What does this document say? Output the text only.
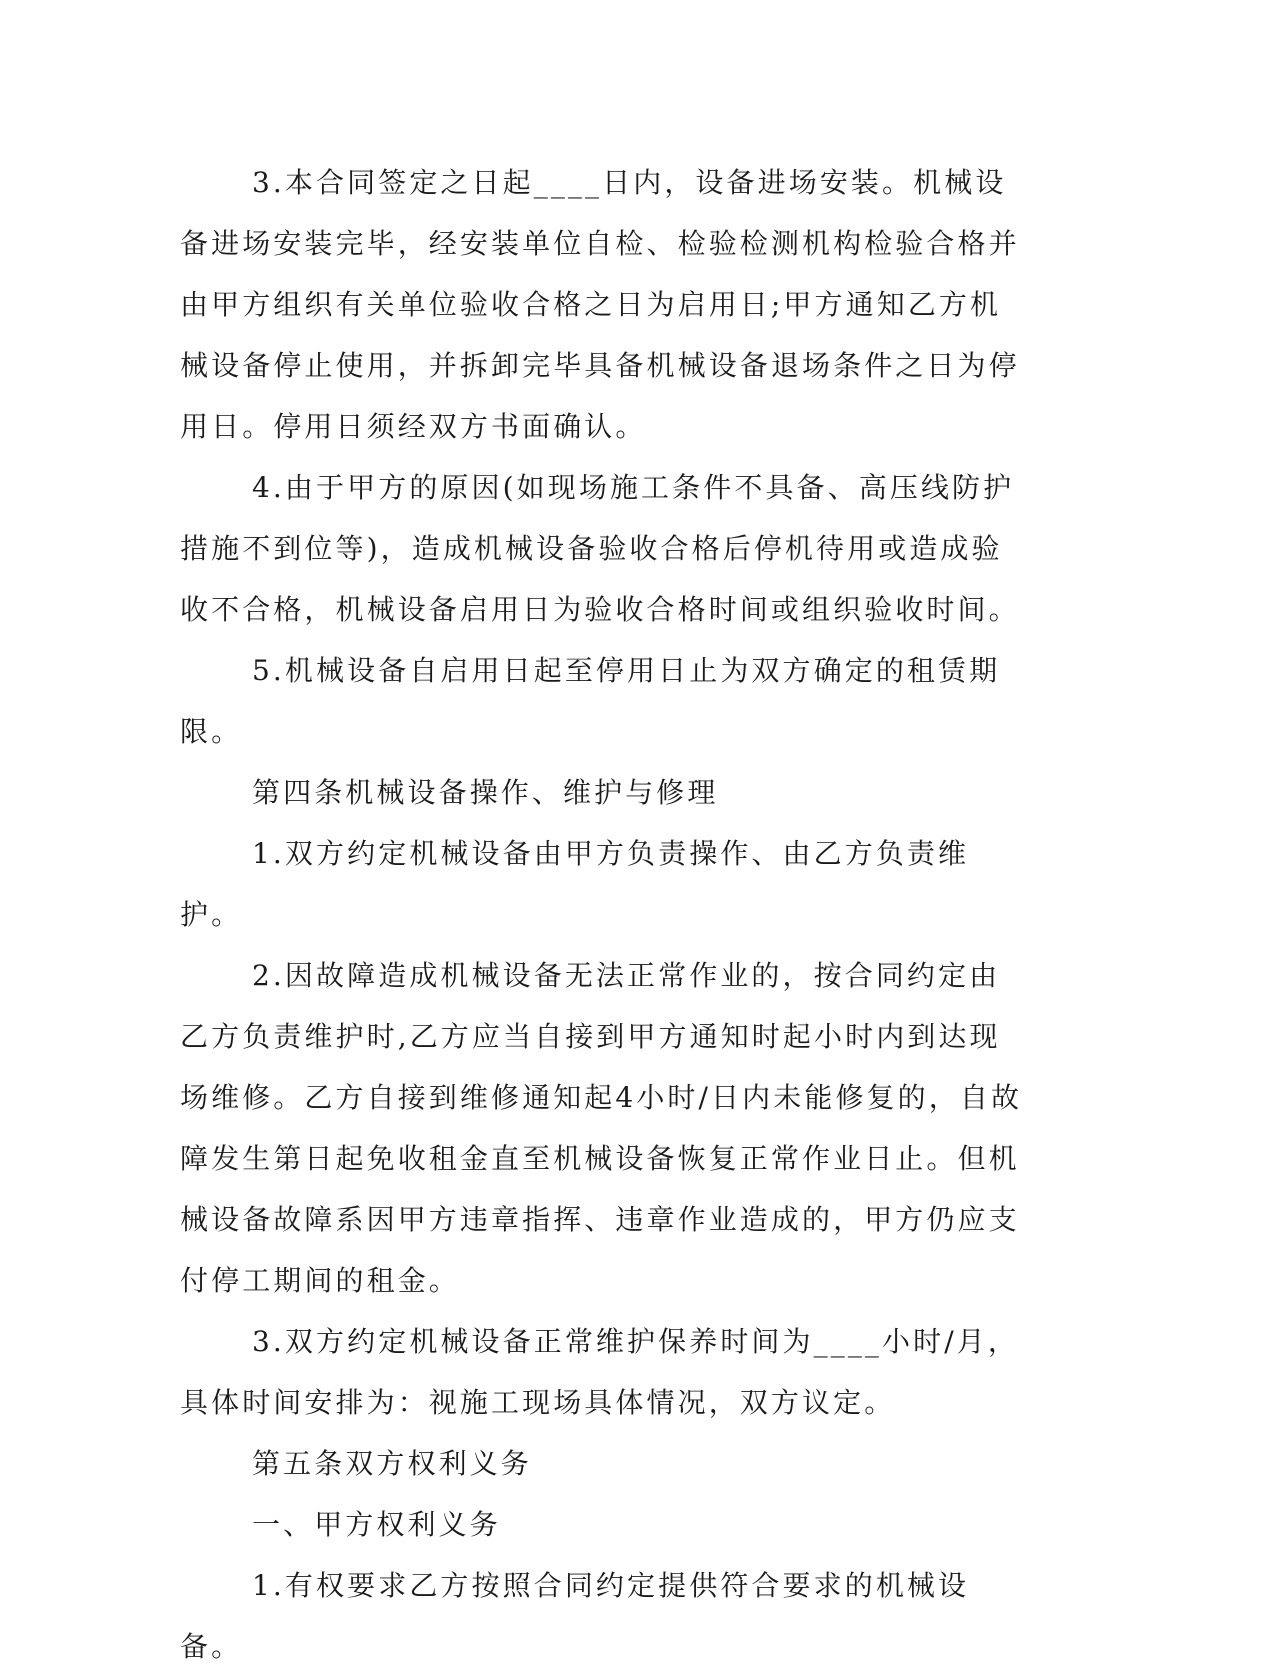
3.本合同签定之日起____日内，设备进场安装。机械设备进场安装完毕，经安装单位自检、检验检测机构检验合格并由甲方组织有关单位验收合格之日为启用日;甲方通知乙方机械设备停止使用，并拆卸完毕具备机械设备退场条件之日为停用日。停用日须经双方书面确认。

4.由于甲方的原因(如现场施工条件不具备、高压线防护措施不到位等)，造成机械设备验收合格后停机待用或造成验收不合格，机械设备启用日为验收合格时间或组织验收时间。

5.机械设备自启用日起至停用日止为双方确定的租赁期限。

第四条机械设备操作、维护与修理

1.双方约定机械设备由甲方负责操作、由乙方负责维护。

2.因故障造成机械设备无法正常作业的，按合同约定由乙方负责维护时,乙方应当自接到甲方通知时起小时内到达现场维修。乙方自接到维修通知起4小时/日内未能修复的，自故障发生第日起免收租金直至机械设备恢复正常作业日止。但机械设备故障系因甲方违章指挥、违章作业造成的，甲方仍应支付停工期间的租金。

3.双方约定机械设备正常维护保养时间为____小时/月，具体时间安排为：视施工现场具体情况，双方议定。

第五条双方权利义务

一、甲方权利义务

1.有权要求乙方按照合同约定提供符合要求的机械设备。
